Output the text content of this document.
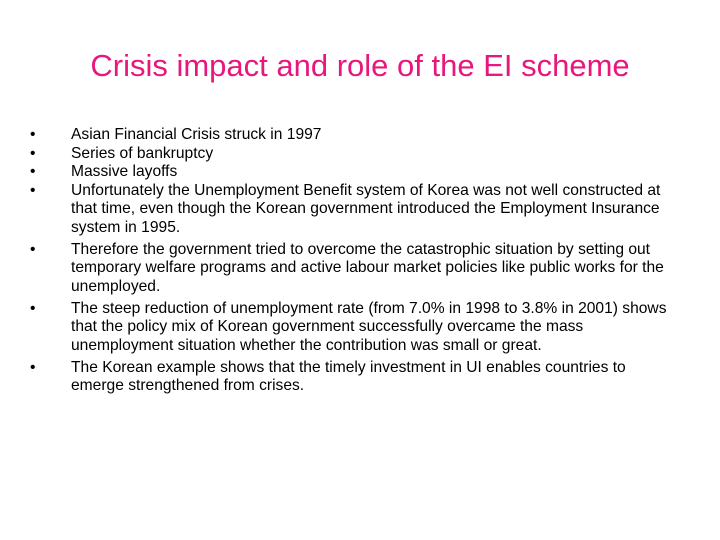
Crisis impact and role of the EI scheme
•	Asian Financial Crisis struck in 1997
•	Series of bankruptcy
•	Massive layoffs
•	Unfortunately the Unemployment Benefit system of Korea was not well constructed at that time, even though the Korean government introduced the Employment Insurance system in 1995.
•	Therefore the government tried to overcome the catastrophic situation by setting out temporary welfare programs and active labour market policies like public works for the unemployed.
•	The steep reduction of unemployment rate (from 7.0% in 1998 to 3.8% in 2001) shows that the policy mix of Korean government successfully overcame the mass unemployment situation whether the contribution was small or great.
•	The Korean example shows that the timely investment in UI enables countries to emerge strengthened from crises.
